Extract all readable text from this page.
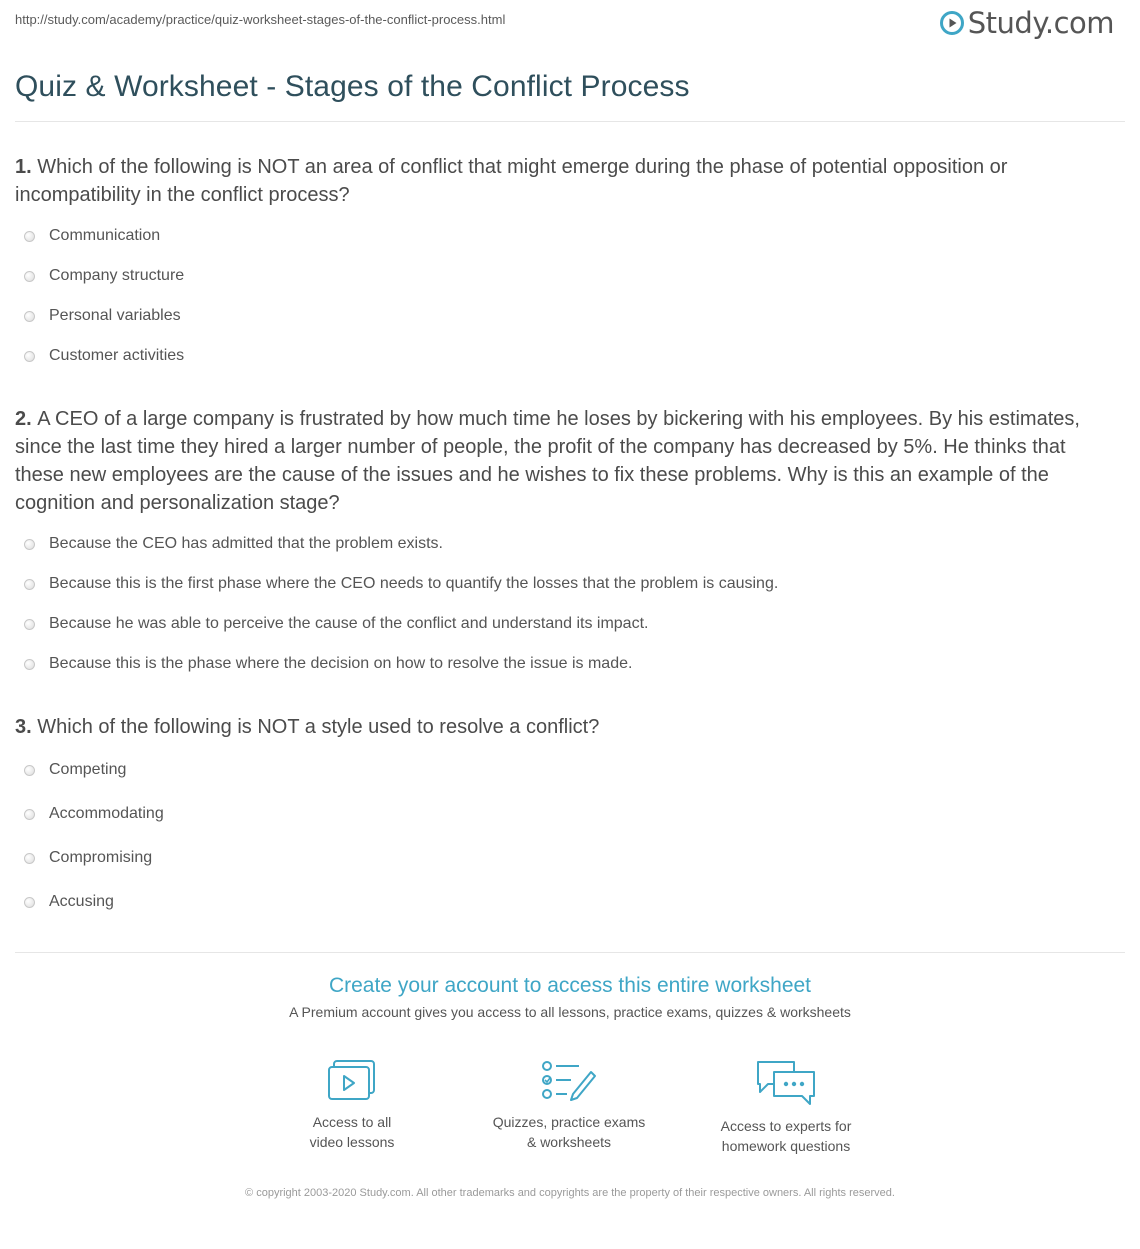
http://study.com/academy/practice/quiz-worksheet-stages-of-the-conflict-process.html	Study.com
Quiz & Worksheet - Stages of the Conflict Process

1. Which of the following is NOT an area of conflict that might emerge during the phase of potential opposition or incompatibility in the conflict process?

Communication
Company structure
Personal variables
Customer activities

2. A CEO of a large company is frustrated by how much time he loses by bickering with his employees. By his estimates, since the last time they hired a larger number of people, the profit of the company has decreased by 5%. He thinks that these new employees are the cause of the issues and he wishes to fix these problems. Why is this an example of the cognition and personalization stage?

Because the CEO has admitted that the problem exists.
Because this is the first phase where the CEO needs to quantify the losses that the problem is causing.
Because he was able to perceive the cause of the conflict and understand its impact.
Because this is the phase where the decision on how to resolve the issue is made.

3. Which of the following is NOT a style used to resolve a conflict?

Competing
Accommodating
Compromising
Accusing

Create your account to access this entire worksheet

A Premium account gives you access to all lessons, practice exams, quizzes & worksheets
Access to all
video lessons
Quizzes, practice exams
& worksheets
Access to experts for
homework questions
© copyright 2003-2020 Study.com. All other trademarks and copyrights are the property of their respective owners. All rights reserved.
